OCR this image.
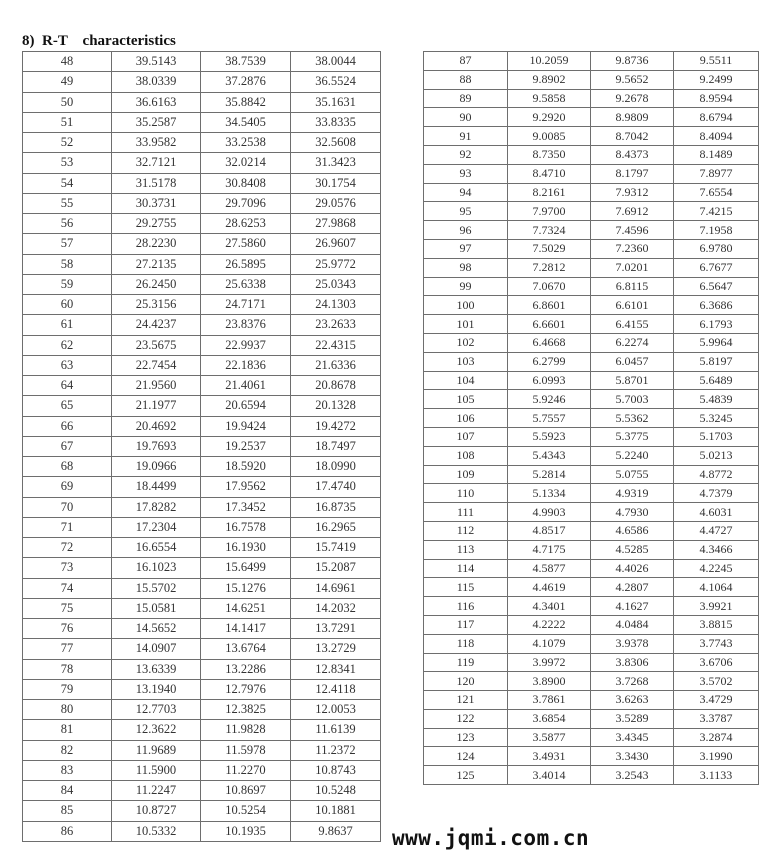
8)  R-T    characteristics
48	39.5143	38.7539	38.0044
49	38.0339	37.2876	36.5524
50	36.6163	35.8842	35.1631
51	35.2587	34.5405	33.8335
52	33.9582	33.2538	32.5608
53	32.7121	32.0214	31.3423
54	31.5178	30.8408	30.1754
55	30.3731	29.7096	29.0576
56	29.2755	28.6253	27.9868
57	28.2230	27.5860	26.9607
58	27.2135	26.5895	25.9772
59	26.2450	25.6338	25.0343
60	25.3156	24.7171	24.1303
61	24.4237	23.8376	23.2633
62	23.5675	22.9937	22.4315
63	22.7454	22.1836	21.6336
64	21.9560	21.4061	20.8678
65	21.1977	20.6594	20.1328
66	20.4692	19.9424	19.4272
67	19.7693	19.2537	18.7497
68	19.0966	18.5920	18.0990
69	18.4499	17.9562	17.4740
70	17.8282	17.3452	16.8735
71	17.2304	16.7578	16.2965
72	16.6554	16.1930	15.7419
73	16.1023	15.6499	15.2087
74	15.5702	15.1276	14.6961
75	15.0581	14.6251	14.2032
76	14.5652	14.1417	13.7291
77	14.0907	13.6764	13.2729
78	13.6339	13.2286	12.8341
79	13.1940	12.7976	12.4118
80	12.7703	12.3825	12.0053
81	12.3622	11.9828	11.6139
82	11.9689	11.5978	11.2372
83	11.5900	11.2270	10.8743
84	11.2247	10.8697	10.5248
85	10.8727	10.5254	10.1881
86	10.5332	10.1935	9.8637
87	10.2059	9.8736	9.5511
88	9.8902	9.5652	9.2499
89	9.5858	9.2678	8.9594
90	9.2920	8.9809	8.6794
91	9.0085	8.7042	8.4094
92	8.7350	8.4373	8.1489
93	8.4710	8.1797	7.8977
94	8.2161	7.9312	7.6554
95	7.9700	7.6912	7.4215
96	7.7324	7.4596	7.1958
97	7.5029	7.2360	6.9780
98	7.2812	7.0201	6.7677
99	7.0670	6.8115	6.5647
100	6.8601	6.6101	6.3686
101	6.6601	6.4155	6.1793
102	6.4668	6.2274	5.9964
103	6.2799	6.0457	5.8197
104	6.0993	5.8701	5.6489
105	5.9246	5.7003	5.4839
106	5.7557	5.5362	5.3245
107	5.5923	5.3775	5.1703
108	5.4343	5.2240	5.0213
109	5.2814	5.0755	4.8772
110	5.1334	4.9319	4.7379
111	4.9903	4.7930	4.6031
112	4.8517	4.6586	4.4727
113	4.7175	4.5285	4.3466
114	4.5877	4.4026	4.2245
115	4.4619	4.2807	4.1064
116	4.3401	4.1627	3.9921
117	4.2222	4.0484	3.8815
118	4.1079	3.9378	3.7743
119	3.9972	3.8306	3.6706
120	3.8900	3.7268	3.5702
121	3.7861	3.6263	3.4729
122	3.6854	3.5289	3.3787
123	3.5877	3.4345	3.2874
124	3.4931	3.3430	3.1990
125	3.4014	3.2543	3.1133
www.jqmi.com.cn
